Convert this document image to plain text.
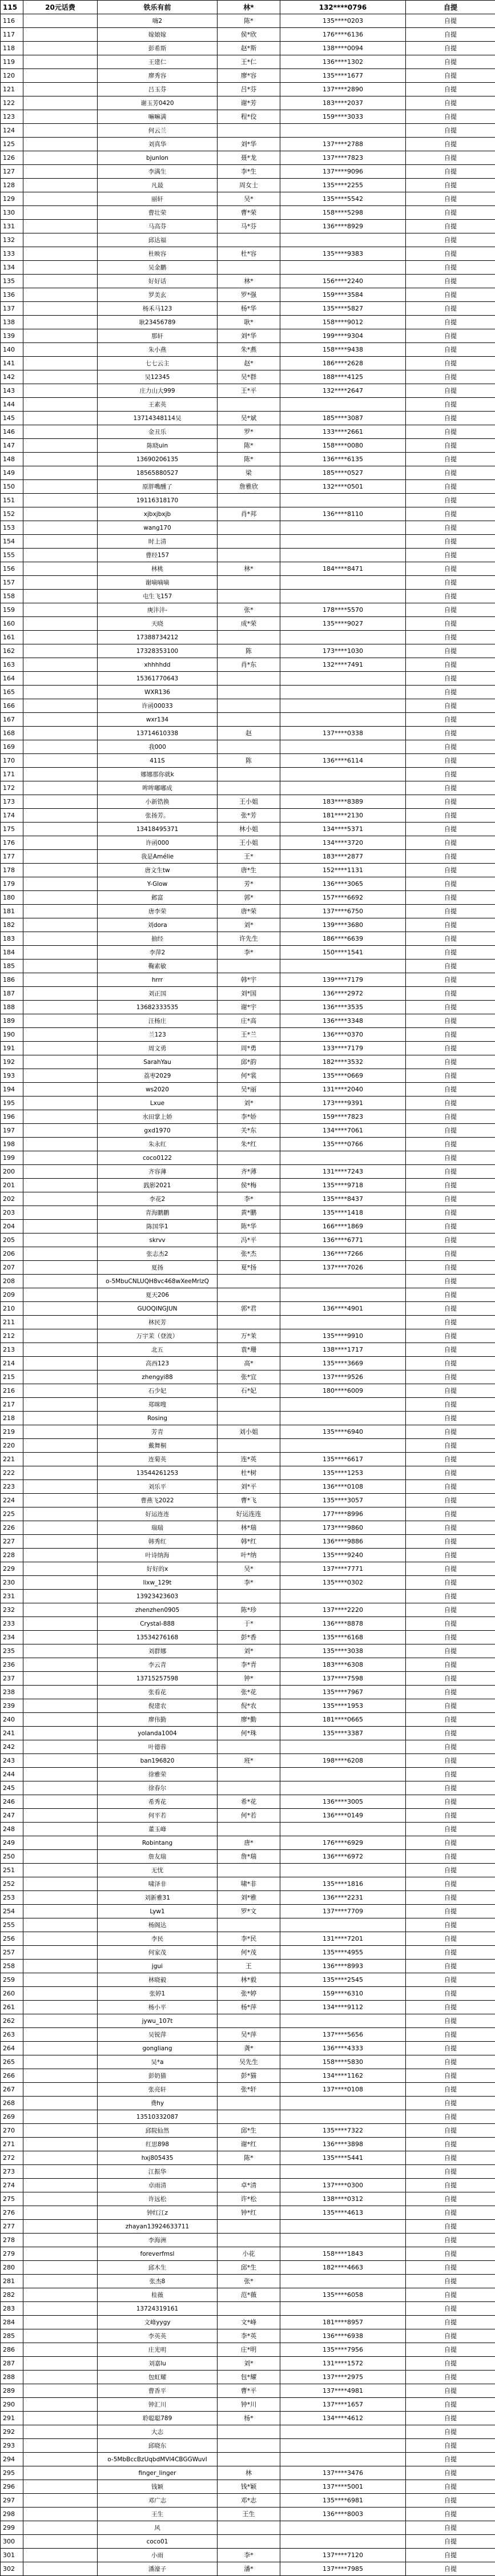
115	20元话费	铁乐有前	林*	132****0796	自提
116		嗨2	陈*	135****0203	自提
117		嫁娘嫁	侯*欣	176****6136	自提
118		彭希斯	赵*斯	138****0094	自提
119		王建仁	王*仁	136****1302	自提
120		廖秀容	廖*容	135****1677	自提
121		吕玉芬	吕*芬	137****2890	自提
122		谢玉芳0420	谢*芳	183****2037	自提
123		嘛嘛满	程*佼	159****3033	自提
124		何云兰			自提
125		刘真华	刘*华	137****2788	自提
126		bjunlon	聂*龙	137****7823	自提
127		李满生	李*生	137****9096	自提
128		凡最	周女士	135****2255	自提
129		丽轩	吴*	135****5542	自提
130		曹壮荣	曹*荣	158****5298	自提
131		马高芬	马*芬	136****8929	自提
132		邱达福			自提
133		杜映容	杜*容	135****9383	自提
134		吴金鹏			自提
135		好好话	林*	156****2240	自提
136		罗美玄	罗*强	159****3584	自提
137		杨禾马123	杨*华	135****5827	自提
138		耿23456789	耿*	158****9012	自提
139		那轩	刘*华	199****9304	自提
140		朱小燕	朱*燕	158****9438	自提
141		七七云主	赵*	186****2628	自提
142		吴12345	吴*群	188****4125	自提
143		庄力山大999	王*平	132****2647	自提
144		王素英			自提
145		13714348114吴	吴*斌	185****3087	自提
146		金丑乐	罗*	133****2661	自提
147		陈晓uin	陈*	158****0080	自提
148		13690206135	陈*	136****6135	自提
149		18565880527	梁	185****0527	自提
150		原胖嘴醺了	詹雅欣	132****0501	自提
151		19116318170			自提
152		xjbxjbxjb	肖*邦	136****8110	自提
153		wang170			自提
154		时上清			自提
155		曹经157			自提
156		林桃	林*	184****8471	自提
157		谢嘀嘀嘀			自提
158		屯生飞157			自提
159		庚沣沣-	张*	178****5570	自提
160		天晓	成*荣	135****9027	自提
161		17388734212			自提
162		17328353100	陈	173****1030	自提
163		xhhhhdd	肖*东	132****7491	自提
164		15361770643			自提
165		WXR136			自提
166		许函00033			自提
167		wxr134			自提
168		13714610338	赵	137****0338	自提
169		我000			自提
170		411S	陈	136****6114	自提
171		娜娜那你就k			自提
172		哞哞嘟嘟成			自提
173		小新锆换	王小姐	183****8389	自提
174		张扬芳。	张*芳	181****2130	自提
175		13418495371	林小姐	134****5371	自提
176		许函000	王小姐	134****3720	自提
177		我是Amélie	王*	183****2877	自提
178		唐文生tw	唐*生	152****1131	自提
179		Y-Glow	芳*	136****3065	自提
180		邺富	郭*	157****6692	自提
181		唐李荣	唐*荣	137****6750	自提
182		刘dora	刘*	139****3680	自提
183		抽经	许先生	186****6639	自提
184		李萍2	李*	150****1541	自提
185		鞠素敏			自提
186		hrrr	韩*宇	139****7179	自提
187		刘正国	刘*国	136****2972	自提
188		13682333535	谢*宇	136****3535	自提
189		汪杨庄	庄*高	136****3348	自提
190		兰123	王*兰	136****0370	自提
191		周文勇	周*勇	133****7179	自提
192		SarahYau	邱*韵	182****3532	自提
193		荔枣2029	何*裳	135****0669	自提
194		ws2020	吴*丽	131****2040	自提
195		Lxue	刘*	173****9391	自提
196		水田掌上娇	李*娇	159****7823	自提
197		gxd1970	关*东	134****7061	自提
198		朱永红	朱*红	135****0766	自提
199		coco0122			自提
200		齐容薄	齐*薄	131****7243	自提
201		践影2021	侯*梅	135****9718	自提
202		李花2	李*	135****8437	自提
203		青海鹏鹏	黄*鹏	135****1418	自提
204		陈国华1	陈*华	166****1869	自提
205		skrvv	冯*平	136****6771	自提
206		张志杰2	张*杰	136****7266	自提
207		夏扬	夏*扬	137****7026	自提
208		o-5MbuCNLUQH8vc468wXeeMrlzQ			自提
209		夏天206			自提
210		GUOQINGJUN	郭*君	136****4901	自提
211		林民芳			自提
212		万宇茉（登波）	万*茉	135****9910	自提
213		北五	袁*珊	138****1717	自提
214		高西123	高*	135****3669	自提
215		zhengyi88	张*宜	137****9526	自提
216		石少妃	石*妃	180****6009	自提
217		郑咪嗖			自提
218		Rosing			自提
219		芳青	刘小姐	135****6940	自提
220		戴舞桐			自提
221		连菊英	连*英	135****6617	自提
222		13544261253	杜*树	135****1253	自提
223		刘乐平	刘*平	136****0108	自提
224		曹燕飞2022	曹*飞	135****3057	自提
225		好运连连	好运连连	177****8996	自提
226		瑞瑞	林*瑞	173****9860	自提
227		韩秀红	韩*红	136****9886	自提
228		叶诗纳海	叶*纳	135****9240	自提
229		好好的x	吴*	137****7771	自提
230		lixw_129t	李*	135****0302	自提
231		13923423603			自提
232		zhenzhen0905	陈*珍	137****2220	自提
233		Crystal-888	于*	136****8878	自提
234		13534276168	彭*香	135****6168	自提
235		刘群娜	刘*	135****3038	自提
236		李云青	李*青	183****6308	自提
237		13715257598	钟*	137****7598	自提
238		张看花	张*花	135****7967	自提
239		倪建农	倪*农	135****1953	自提
240		廖伟勤	廖*勤	181****0665	自提
241		yolanda1004	何*珠	135****3387	自提
242		叶德蓉			自提
243		ban196820	班*	198****6208	自提
244		徐雅荣			自提
245		徐春尔			自提
246		希秀花	希*花	136****3005	自提
247		何平若	何*若	136****0149	自提
248		董玉峰			自提
249		Robintang	唐*	176****6929	自提
250		詹友瑞	詹*瑞	136****6972	自提
251		无忧			自提
252		啸泽非	啸*非	135****1816	自提
253		刘新雅31	刘*雅	136****2231	自提
254		Lyw1	罗*文	137****7709	自提
255		杨阁达			自提
256		李民	李*民	131****7201	自提
257		何家茂	何*茂	135****4955	自提
258		jgui	王	136****8993	自提
259		林晓毅	林*毅	135****2545	自提
260		张婷1	张*婷	159****6310	自提
261		杨小平	杨*萍	134****9112	自提
262		jywu_107t			自提
263		吴锐萍	吴*萍	137****5656	自提
264		gongliang	龚*	136****4333	自提
265		吴*a	吴先生	158****5830	自提
266		彭奶猫	彭*猫	134****1162	自提
267		张亮轩	张*轩	137****0108	自提
268		费hy			自提
269		13510332087			自提
270		邱院仙然	邱*生	135****7322	自提
271		红思898	谢*红	136****3898	自提
272		hxj805435	陈*	135****5441	自提
273		江振华			自提
274		卓雨清	卓*清	137****0300	自提
275		许远松	许*松	138****0312	自提
276		钟红江z	钟*红	135****4613	自提
277		zhayan13924633711			自提
278		李海洲			自提
279		foreverfmsl	小花	158****1843	自提
280		邱木生	邱*生	182****4663	自提
281		张杰8	张*		自提
282		桂薇	范*薇	135****6058	自提
283		13724319161			自提
284		文峰yygy	文*峰	181****8957	自提
285		李英英	李*英	136****6938	自提
286		庄光明	庄*明	135****7956	自提
287		刘嘉lu	刘*	131****1572	自提
288		包虹耀	包*耀	137****2975	自提
289		曹香平	曹*平	137****4981	自提
290		钟汇川	钟*川	137****1657	自提
291		聆聪聪789	杨*	134****4612	自提
292		大志			自提
293		邱晓东			自提
294		o-5MbBccBzUqbdMVl4CBGGWuvI			自提
295		finger_linger	林	137****3476	自提
296		钱颖	钱*颖	137****5001	自提
297		邓广志	邓*志	135****6981	自提
298		王生	王生	136****8003	自提
299		风			自提
300		coco01			自提
301		小雨	李*	137****7120	自提
302		潘濠子	潘*	137****7985	自提
